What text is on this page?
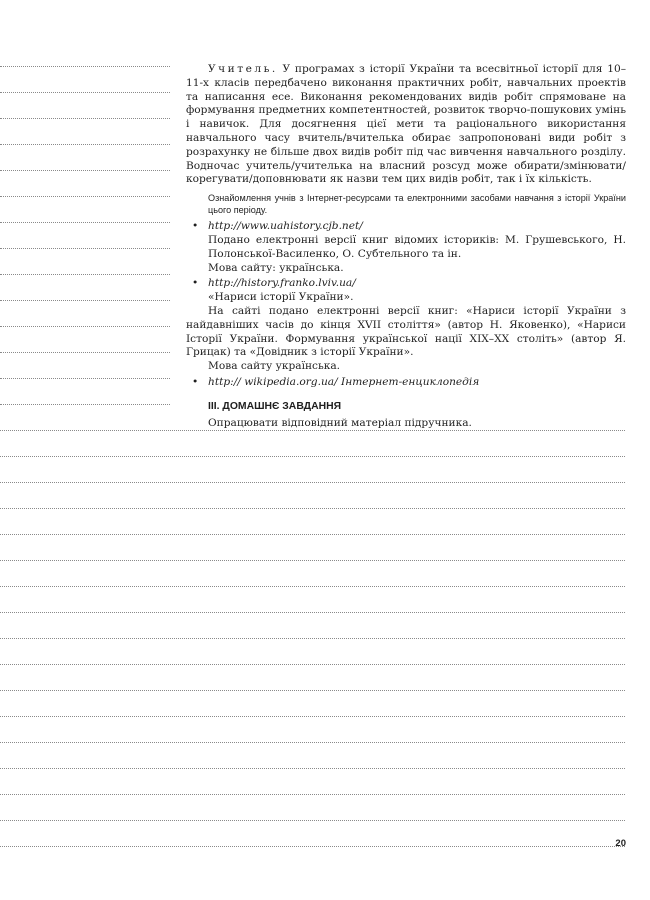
Учитель. У програмах з історії України та всесвітньої історії для 10–11-х класів передбачено виконання практичних робіт, навчальних проектів та написання есе. Виконання рекомендованих видів робіт спрямоване на формування предметних компетентностей, розвиток творчо-пошукових умінь і навичок. Для досягнення цієї мети та раціонального використання навчального часу вчитель/вчителька обирає запропоновані види робіт з розрахунку не більше двох видів робіт під час вивчення навчального розділу. Водночас учитель/учителька на власний розсуд може обирати/змінювати/корегувати/доповнювати як назви тем цих видів робіт, так і їх кількість.

Ознайомлення учнів з Інтернет-ресурсами та електронними засобами навчання з історії України цього періоду.

• http://www.uahistory.cjb.net/

Подано електронні версії книг відомих істориків: М. Грушевського, Н. Полонської-Василенко, О. Субтельного та ін.

Мова сайту: українська.

• http://history.franko.lviv.ua/

«Нариси історії України».

На сайті подано електронні версії книг: «Нариси історії України з найдавніших часів до кінця XVII століття» (автор Н. Яковенко), «Нариси Історії України. Формування української нації XIX–XX століть» (автор Я. Грицак) та «Довідник з історії України».

Мова сайту українська.

• http:// wikipedia.org.ua/ Інтернет-енциклопедія

III. ДОМАШНЄ ЗАВДАННЯ

Опрацювати відповідний матеріал підручника.

20
